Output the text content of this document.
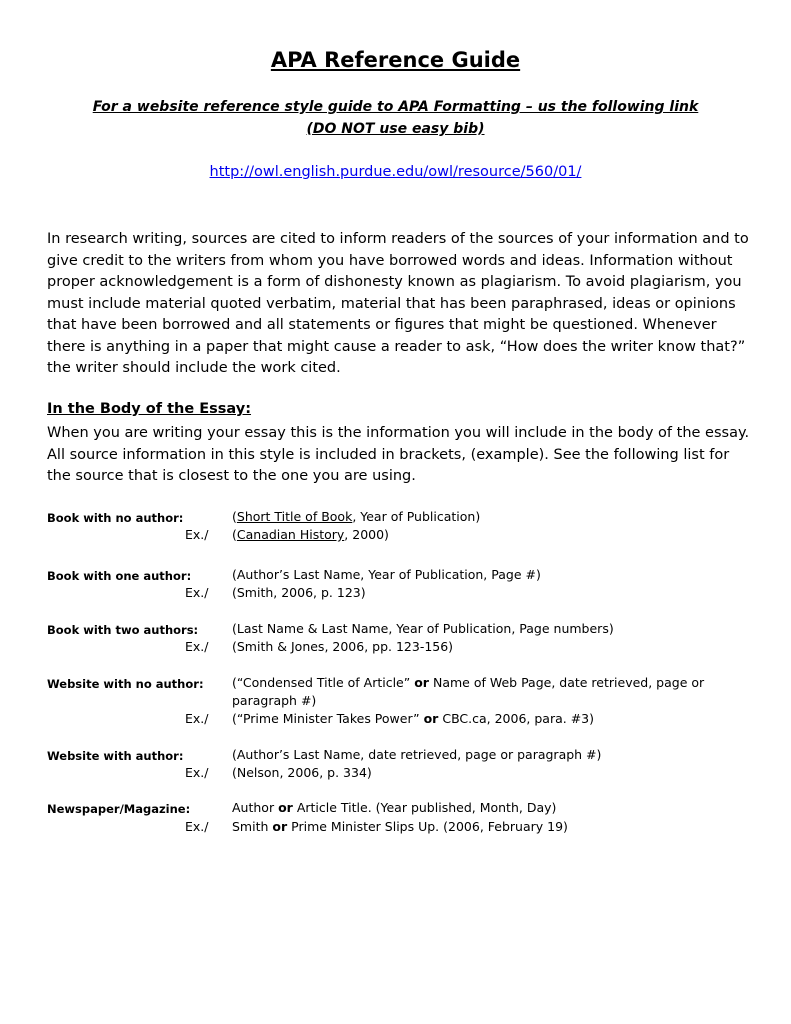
APA Reference Guide
For a website reference style guide to APA Formatting – us the following link
(DO NOT use easy bib)
http://owl.english.purdue.edu/owl/resource/560/01/
In research writing, sources are cited to inform readers of the sources of your information and to give credit to the writers from whom you have borrowed words and ideas. Information without proper acknowledgement is a form of dishonesty known as plagiarism. To avoid plagiarism, you must include material quoted verbatim, material that has been paraphrased, ideas or opinions that have been borrowed and all statements or figures that might be questioned. Whenever there is anything in a paper that might cause a reader to ask, “How does the writer know that?” the writer should include the work cited.
In the Body of the Essay:
When you are writing your essay this is the information you will include in the body of the essay. All source information in this style is included in brackets, (example). See the following list for the source that is closest to the one you are using.
Book with no author:	(Short Title of Book, Year of Publication)
Ex./ (Canadian History, 2000)
Book with one author:	(Author’s Last Name, Year of Publication, Page #)
Ex./ (Smith, 2006, p. 123)
Book with two authors:	(Last Name & Last Name, Year of Publication, Page numbers)
Ex./ (Smith & Jones, 2006, pp. 123-156)
Website with no author: (“Condensed Title of Article” or Name of Web Page, date retrieved, page or
paragraph #)
Ex./ (“Prime Minister Takes Power” or CBC.ca, 2006, para. #3)
Website with author:	(Author’s Last Name, date retrieved, page or paragraph #)
Ex./ (Nelson, 2006, p. 334)
Newspaper/Magazine:	Author or Article Title. (Year published, Month, Day)
Ex./ Smith or Prime Minister Slips Up. (2006, February 19)
